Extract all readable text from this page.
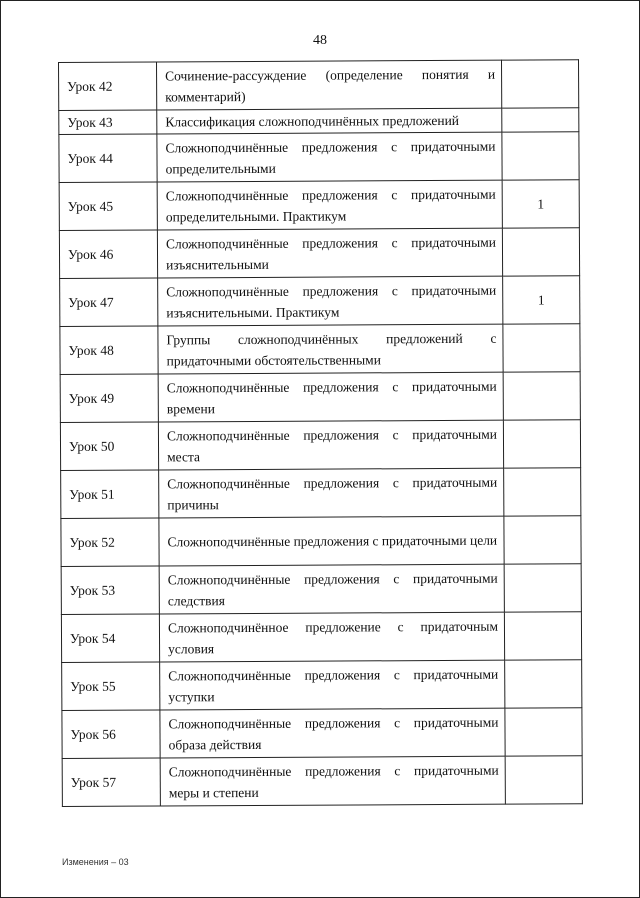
48
Урок 42	Сочинение-рассуждение (определение понятия и комментарий)	
Урок 43	Классификация сложноподчинённых предложений	
Урок 44	Сложноподчинённые предложения с придаточными определительными	
Урок 45	Сложноподчинённые предложения с придаточными определительными. Практикум	1
Урок 46	Сложноподчинённые предложения с придаточными изъяснительными	
Урок 47	Сложноподчинённые предложения с придаточными изъяснительными. Практикум	1
Урок 48	Группы сложноподчинённых предложений с придаточными обстоятельственными	
Урок 49	Сложноподчинённые предложения с придаточными времени	
Урок 50	Сложноподчинённые предложения с придаточными места	
Урок 51	Сложноподчинённые предложения с придаточными причины	
Урок 52	Сложноподчинённые предложения с придаточными цели	
Урок 53	Сложноподчинённые предложения с придаточными следствия	
Урок 54	Сложноподчинённое предложение с придаточным условия	
Урок 55	Сложноподчинённые предложения с придаточными уступки	
Урок 56	Сложноподчинённые предложения с придаточными образа действия	
Урок 57	Сложноподчинённые предложения с придаточными меры и степени	
Изменения – 03
